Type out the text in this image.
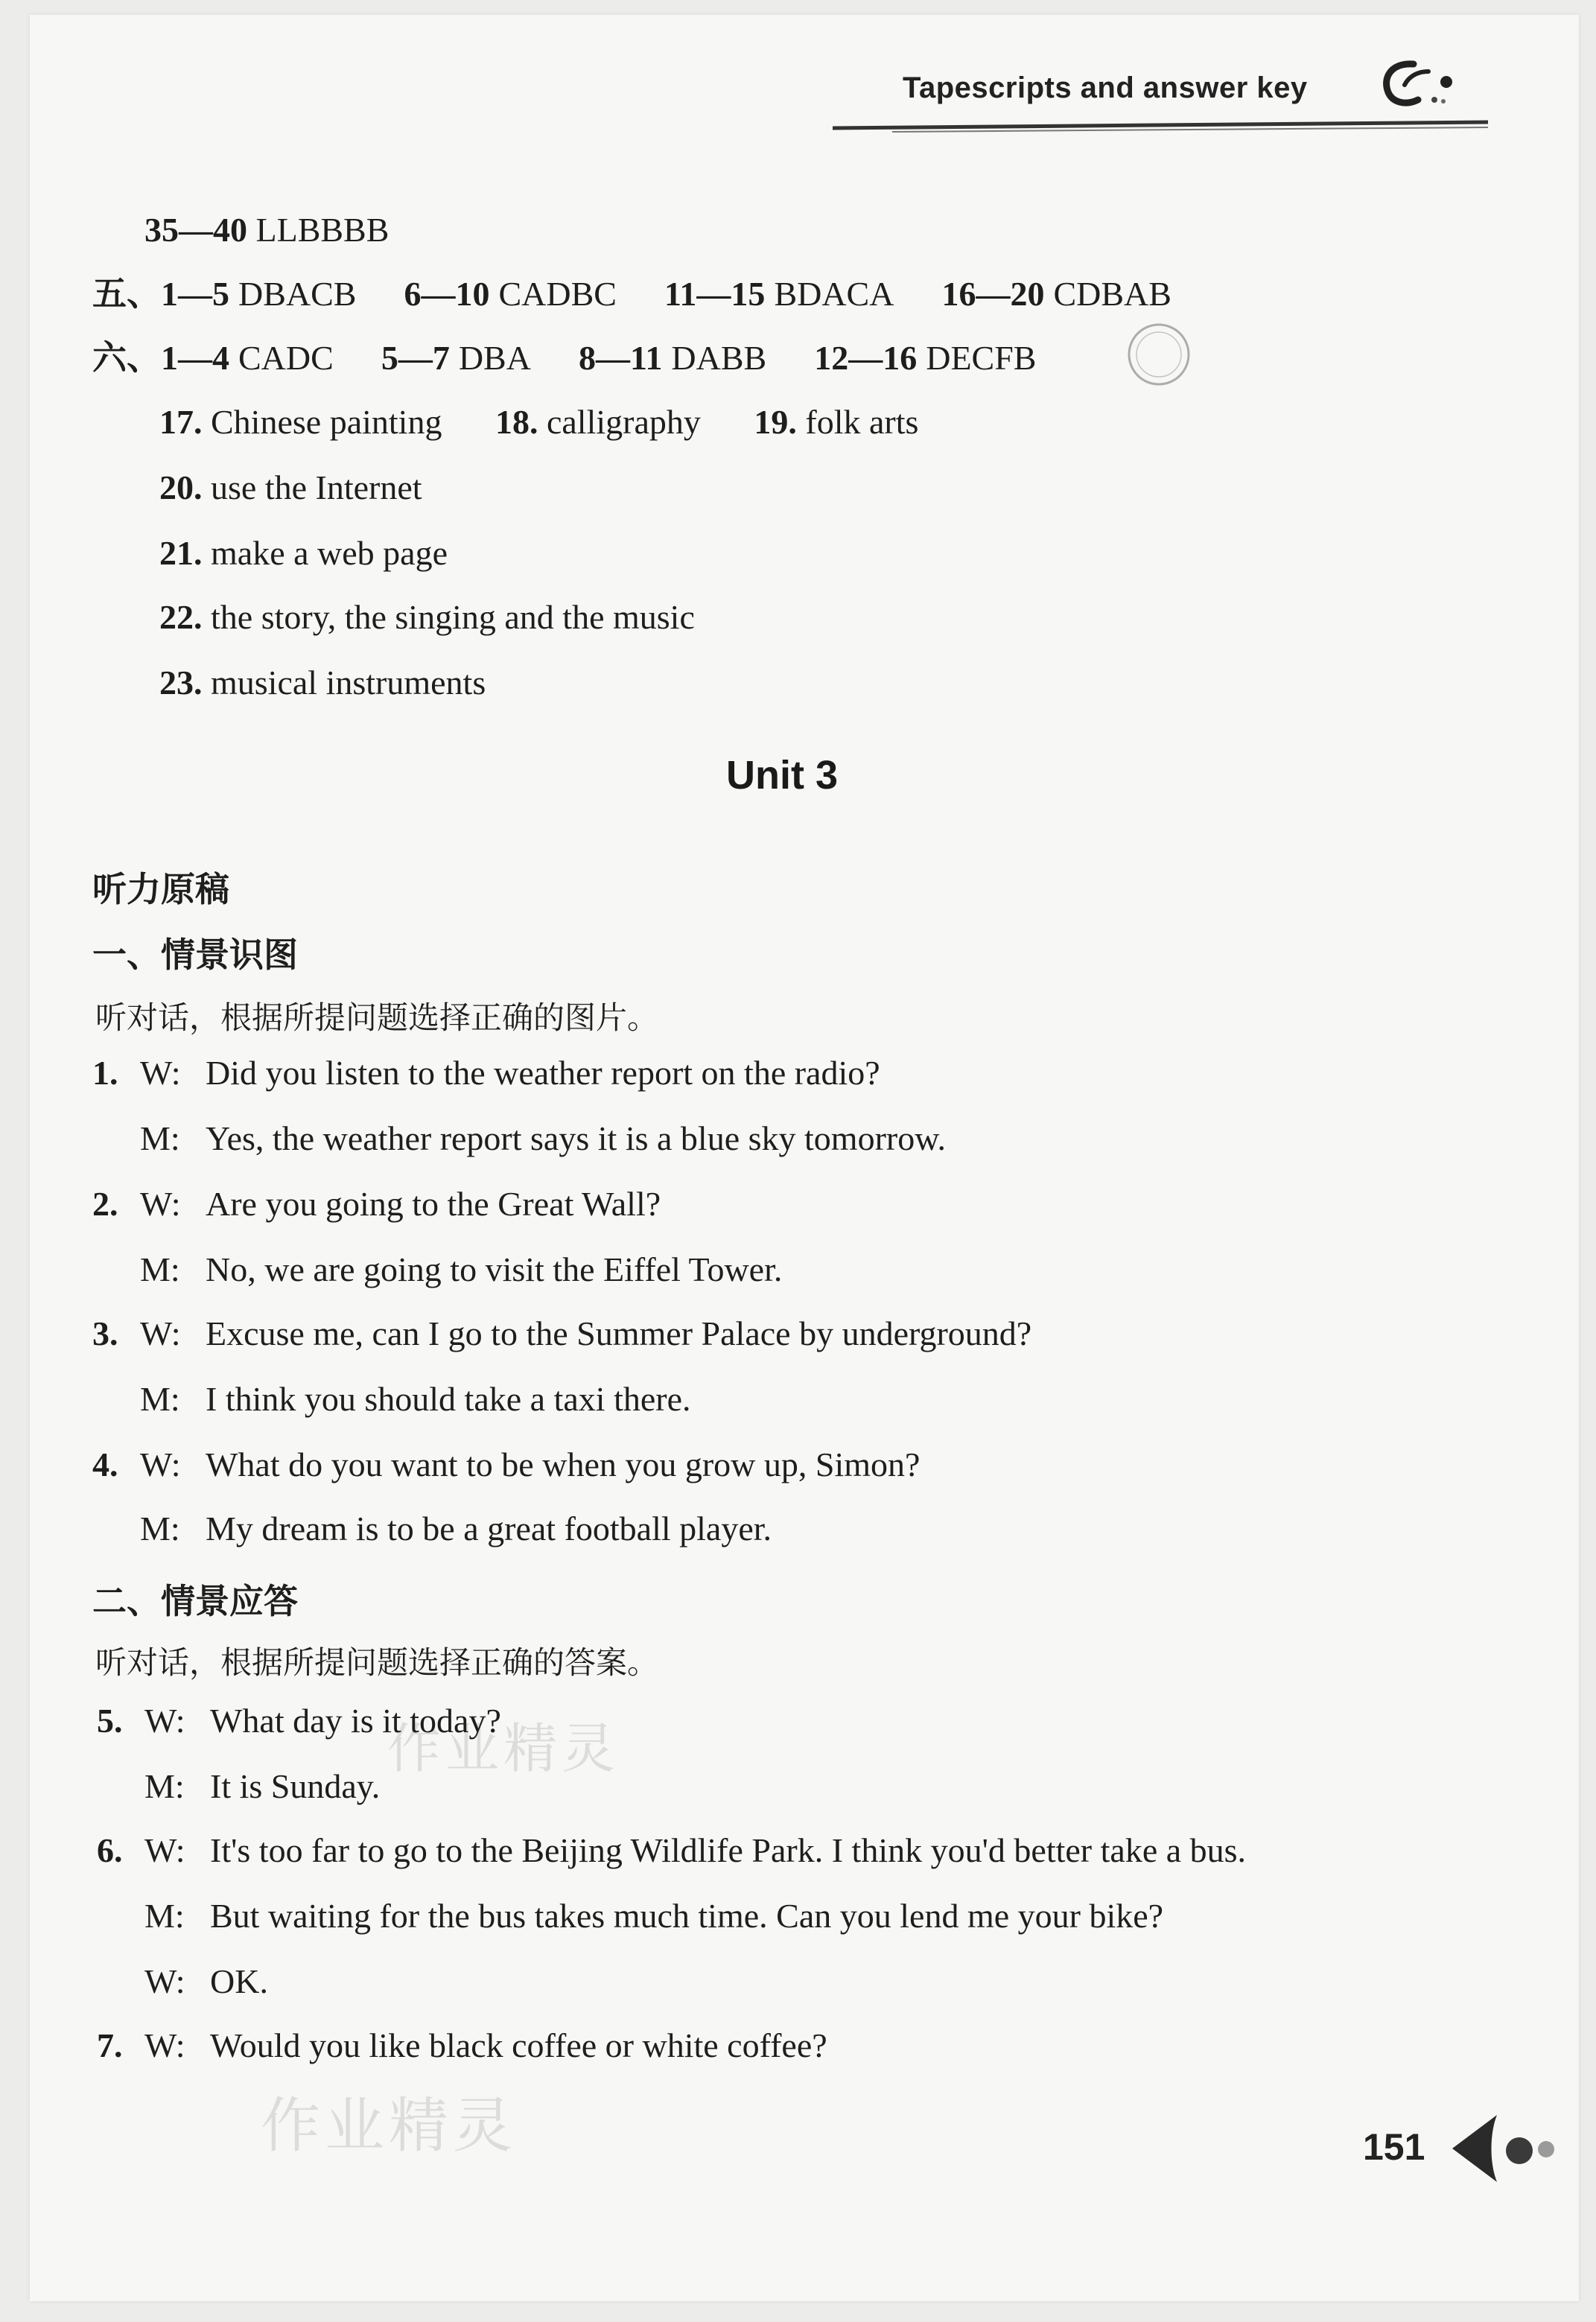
Tapescripts and answer key
35—40 LLBBBB
五、1—5 DBACB 6—10 CADBC 11—15 BDACA 16—20 CDBAB
六、1—4 CADC 5—7 DBA 8—11 DABB 12—16 DECFB
17. Chinese painting 18. calligraphy 19. folk arts
20. use the Internet
21. make a web page
22. the story, the singing and the music
23. musical instruments
Unit 3
听力原稿
一、情景识图
听对话，根据所提问题选择正确的图片。
1. W: Did you listen to the weather report on the radio?
M: Yes, the weather report says it is a blue sky tomorrow.
2. W: Are you going to the Great Wall?
M: No, we are going to visit the Eiffel Tower.
3. W: Excuse me, can I go to the Summer Palace by underground?
M: I think you should take a taxi there.
4. W: What do you want to be when you grow up, Simon?
M: My dream is to be a great football player.
二、情景应答
听对话，根据所提问题选择正确的答案。
作业精灵
5. W: What day is it today?
M: It is Sunday.
6. W: It's too far to go to the Beijing Wildlife Park. I think you'd better take a bus.
M: But waiting for the bus takes much time. Can you lend me your bike?
W: OK.
7. W: Would you like black coffee or white coffee?
作业精灵	151
